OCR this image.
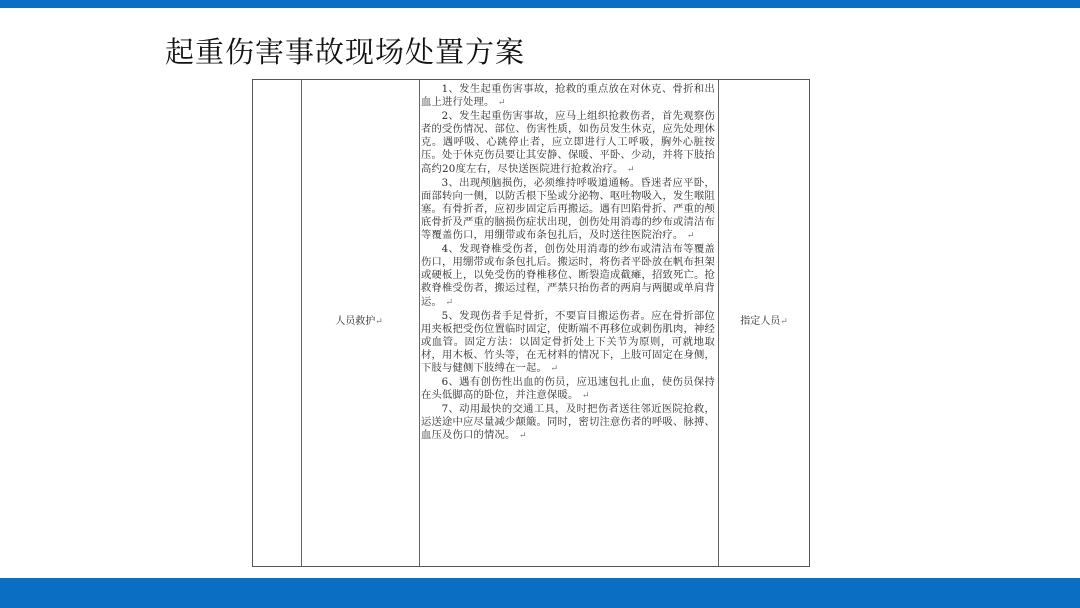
起重伤害事故现场处置方案
人员救护↵

1、发生起重伤害事故，抢救的重点放在对休克、骨折和出血上进行处理。 ↵

2、发生起重伤害事故，应马上组织抢救伤者，首先观察伤者的受伤情况、部位、伤害性质，如伤员发生休克，应先处理休克。遇呼吸、心跳停止者，应立即进行人工呼吸，胸外心脏按压。处于休克伤员要让其安静、保暖、平卧、少动，并将下肢抬高约20度左右，尽快送医院进行抢救治疗。 ↵

3、出现颅脑损伤，必须维持呼吸道通畅。昏迷者应平卧，面部转向一侧，以防舌根下坠或分泌物、呕吐物吸入，发生喉阻塞。有骨折者，应初步固定后再搬运。遇有凹陷骨折、严重的颅底骨折及严重的脑损伤症状出现，创伤处用消毒的纱布或清洁布等覆盖伤口，用绷带或布条包扎后，及时送往医院治疗。 ↵

4、发现脊椎受伤者，创伤处用消毒的纱布或清洁布等覆盖伤口，用绷带或布条包扎后。搬运时，将伤者平卧放在帆布担架或硬板上，以免受伤的脊椎移位、断裂造成截瘫，招致死亡。抢救脊椎受伤者，搬运过程，严禁只抬伤者的两肩与两腿或单肩背运。 ↵

5、发现伤者手足骨折，不要盲目搬运伤者。应在骨折部位用夹板把受伤位置临时固定，使断端不再移位或刺伤肌肉，神经或血管。固定方法：以固定骨折处上下关节为原则，可就地取材，用木板、竹头等，在无材料的情况下，上肢可固定在身侧，下肢与健侧下肢缚在一起。 ↵

6、遇有创伤性出血的伤员，应迅速包扎止血，使伤员保持在头低脚高的卧位，并注意保暖。 ↵

7、动用最快的交通工具，及时把伤者送往邻近医院抢救，运送途中应尽量减少颠簸。同时，密切注意伤者的呼吸、脉搏、血压及伤口的情况。 ↵

指定人员↵
